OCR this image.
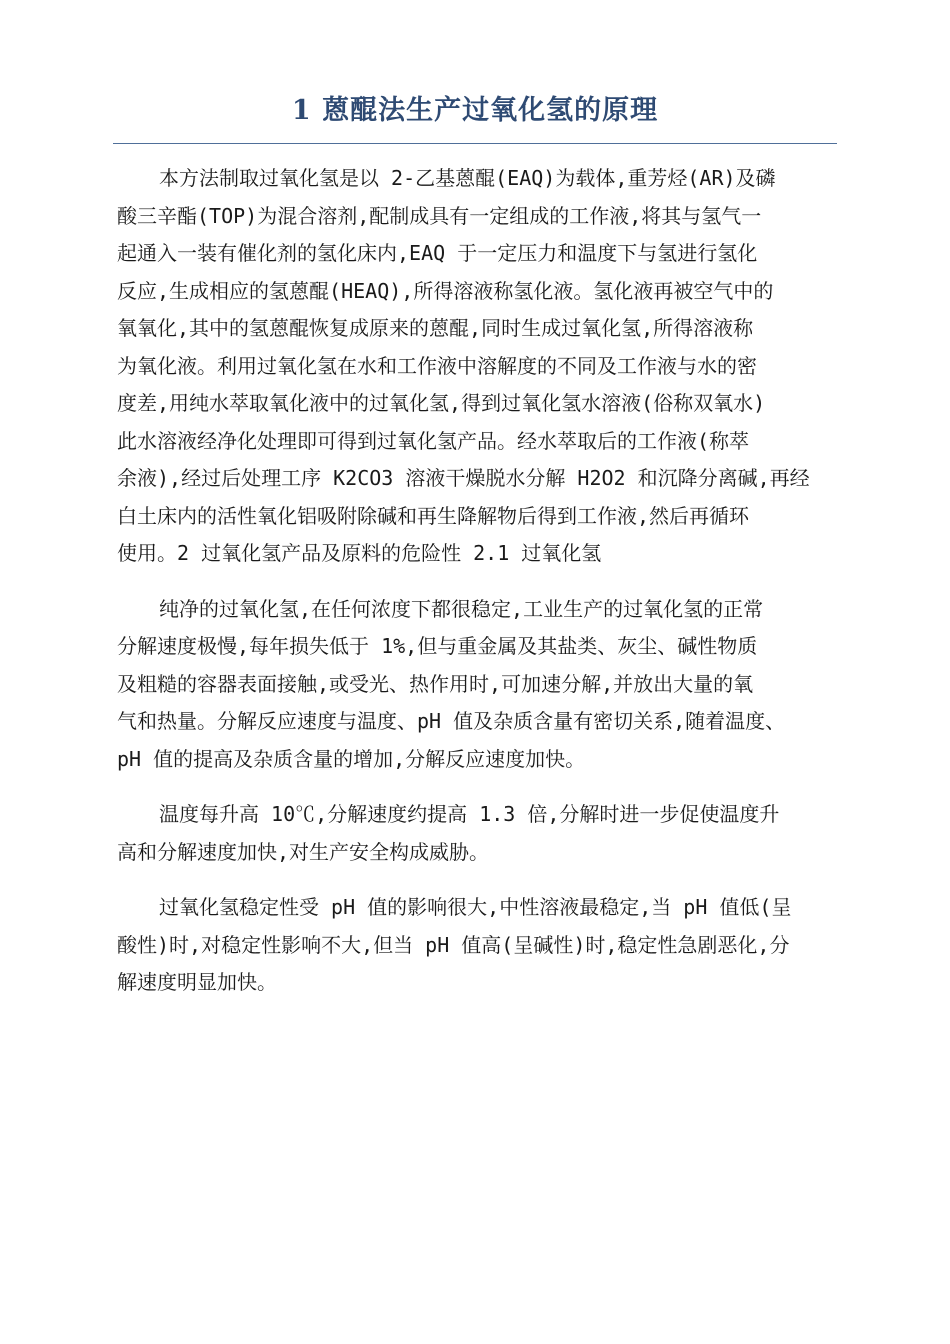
1 蒽醌法生产过氧化氢的原理

本方法制取过氧化氢是以 2-乙基蒽醌(EAQ)为载体,重芳烃(AR)及磷
酸三辛酯(TOP)为混合溶剂,配制成具有一定组成的工作液,将其与氢气一
起通入一装有催化剂的氢化床内,EAQ 于一定压力和温度下与氢进行氢化
反应,生成相应的氢蒽醌(HEAQ),所得溶液称氢化液。氢化液再被空气中的
氧氧化,其中的氢蒽醌恢复成原来的蒽醌,同时生成过氧化氢,所得溶液称
为氧化液。利用过氧化氢在水和工作液中溶解度的不同及工作液与水的密
度差,用纯水萃取氧化液中的过氧化氢,得到过氧化氢水溶液(俗称双氧水)
此水溶液经净化处理即可得到过氧化氢产品。经水萃取后的工作液(称萃
余液),经过后处理工序 K2CO3 溶液干燥脱水分解 H2O2 和沉降分离碱,再经
白土床内的活性氧化铝吸附除碱和再生降解物后得到工作液,然后再循环
使用。2 过氧化氢产品及原料的危险性 2.1 过氧化氢

纯净的过氧化氢,在任何浓度下都很稳定,工业生产的过氧化氢的正常
分解速度极慢,每年损失低于 1%,但与重金属及其盐类、灰尘、碱性物质
及粗糙的容器表面接触,或受光、热作用时,可加速分解,并放出大量的氧
气和热量。分解反应速度与温度、pH 值及杂质含量有密切关系,随着温度、
pH 值的提高及杂质含量的增加,分解反应速度加快。

温度每升高 10℃,分解速度约提高 1.3 倍,分解时进一步促使温度升
高和分解速度加快,对生产安全构成威胁。

过氧化氢稳定性受 pH 值的影响很大,中性溶液最稳定,当 pH 值低(呈
酸性)时,对稳定性影响不大,但当 pH 值高(呈碱性)时,稳定性急剧恶化,分
解速度明显加快。
